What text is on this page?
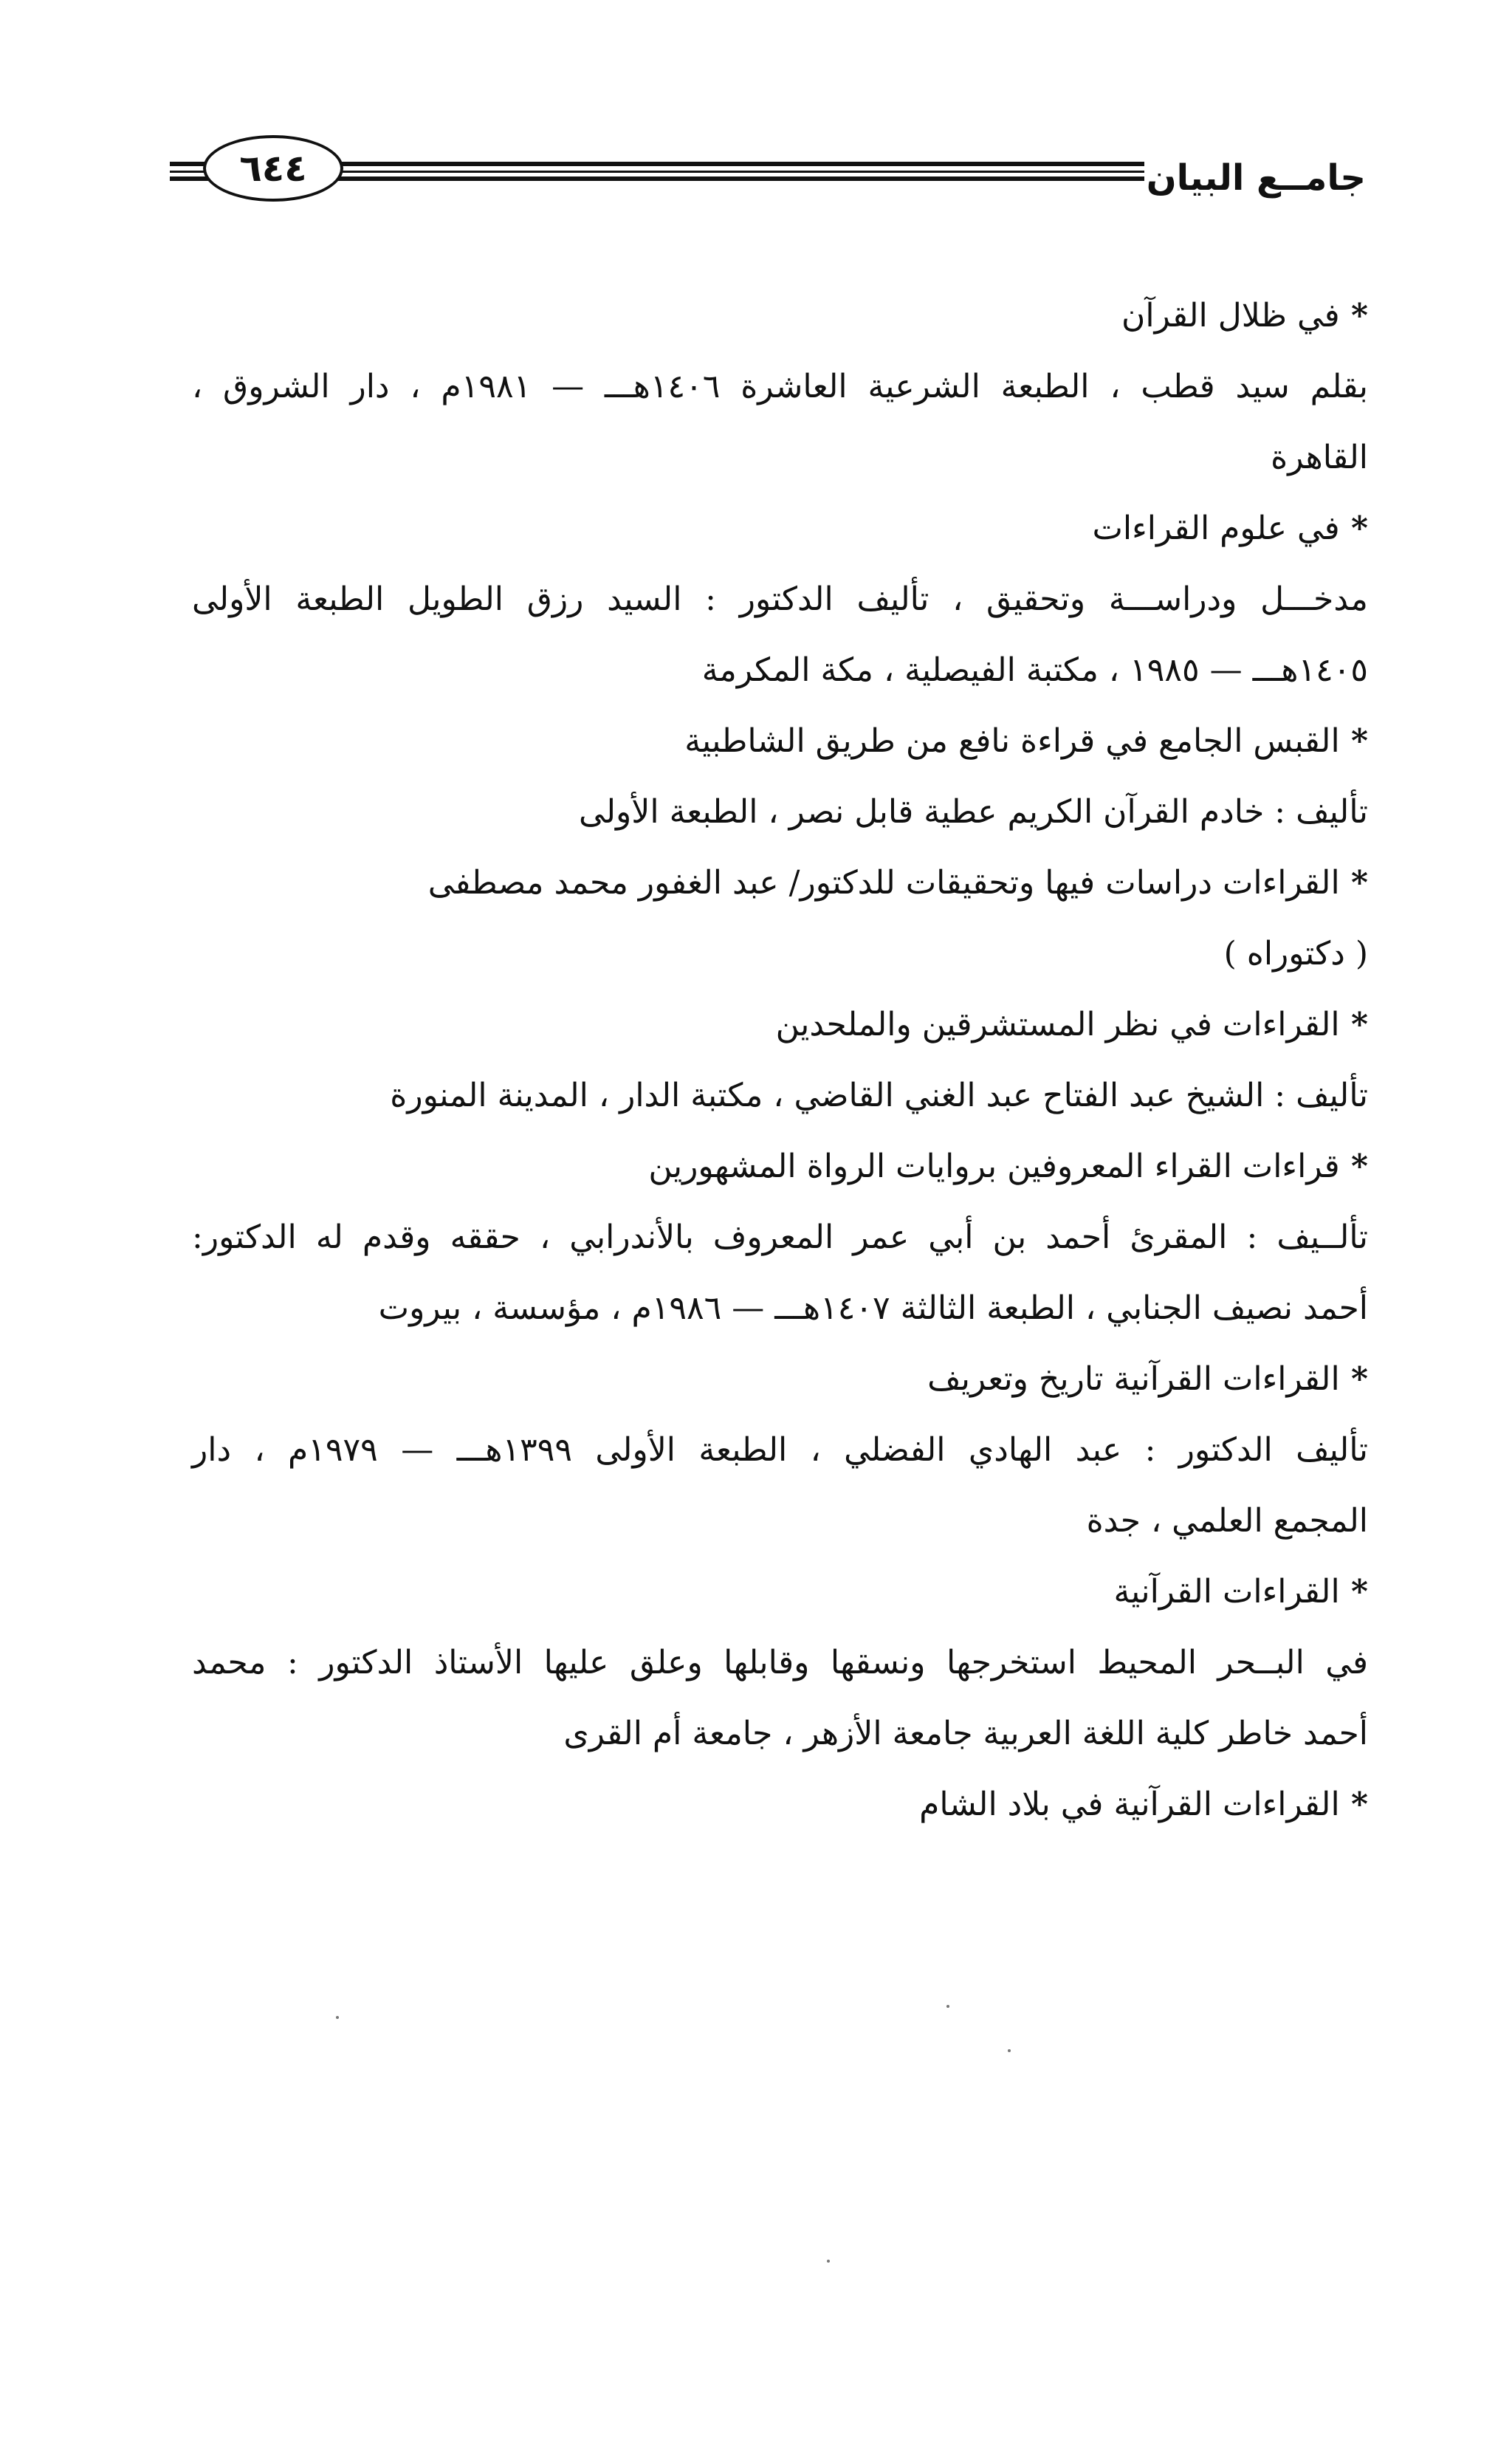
جامــع البيان
٦٤٤
* في ظلال القرآن
بقلم سيد قطب ، الطبعة الشرعية العاشرة ١٤٠٦هـــ — ١٩٨١م ، دار الشروق ،
القاهرة
* في علوم القراءات
مدخـــل ودراســـة وتحقيق ، تأليف الدكتور : السيد رزق الطويل الطبعة الأولى
١٤٠٥هـــ — ١٩٨٥ ، مكتبة الفيصلية ، مكة المكرمة
* القبس الجامع في قراءة نافع من طريق الشاطبية
تأليف : خادم القرآن الكريم عطية قابل نصر ، الطبعة الأولى
* القراءات دراسات فيها وتحقيقات للدكتور/ عبد الغفور محمد مصطفى
( دكتوراه )
* القراءات في نظر المستشرقين والملحدين
تأليف : الشيخ عبد الفتاح عبد الغني القاضي ، مكتبة الدار ، المدينة المنورة
* قراءات القراء المعروفين بروايات الرواة المشهورين
تألــيف : المقرئ أحمد بن أبي عمر المعروف بالأندرابي ، حققه وقدم له الدكتور:
أحمد نصيف الجنابي ، الطبعة الثالثة ١٤٠٧هـــ — ١٩٨٦م ، مؤسسة ، بيروت
* القراءات القرآنية تاريخ وتعريف
تأليف الدكتور : عبد الهادي الفضلي ، الطبعة الأولى ١٣٩٩هـــ — ١٩٧٩م ، دار
المجمع العلمي ، جدة
* القراءات القرآنية
في البــحر المحيط استخرجها ونسقها وقابلها وعلق عليها الأستاذ الدكتور : محمد
أحمد خاطر كلية اللغة العربية جامعة الأزهر ، جامعة أم القرى
* القراءات القرآنية في بلاد الشام
